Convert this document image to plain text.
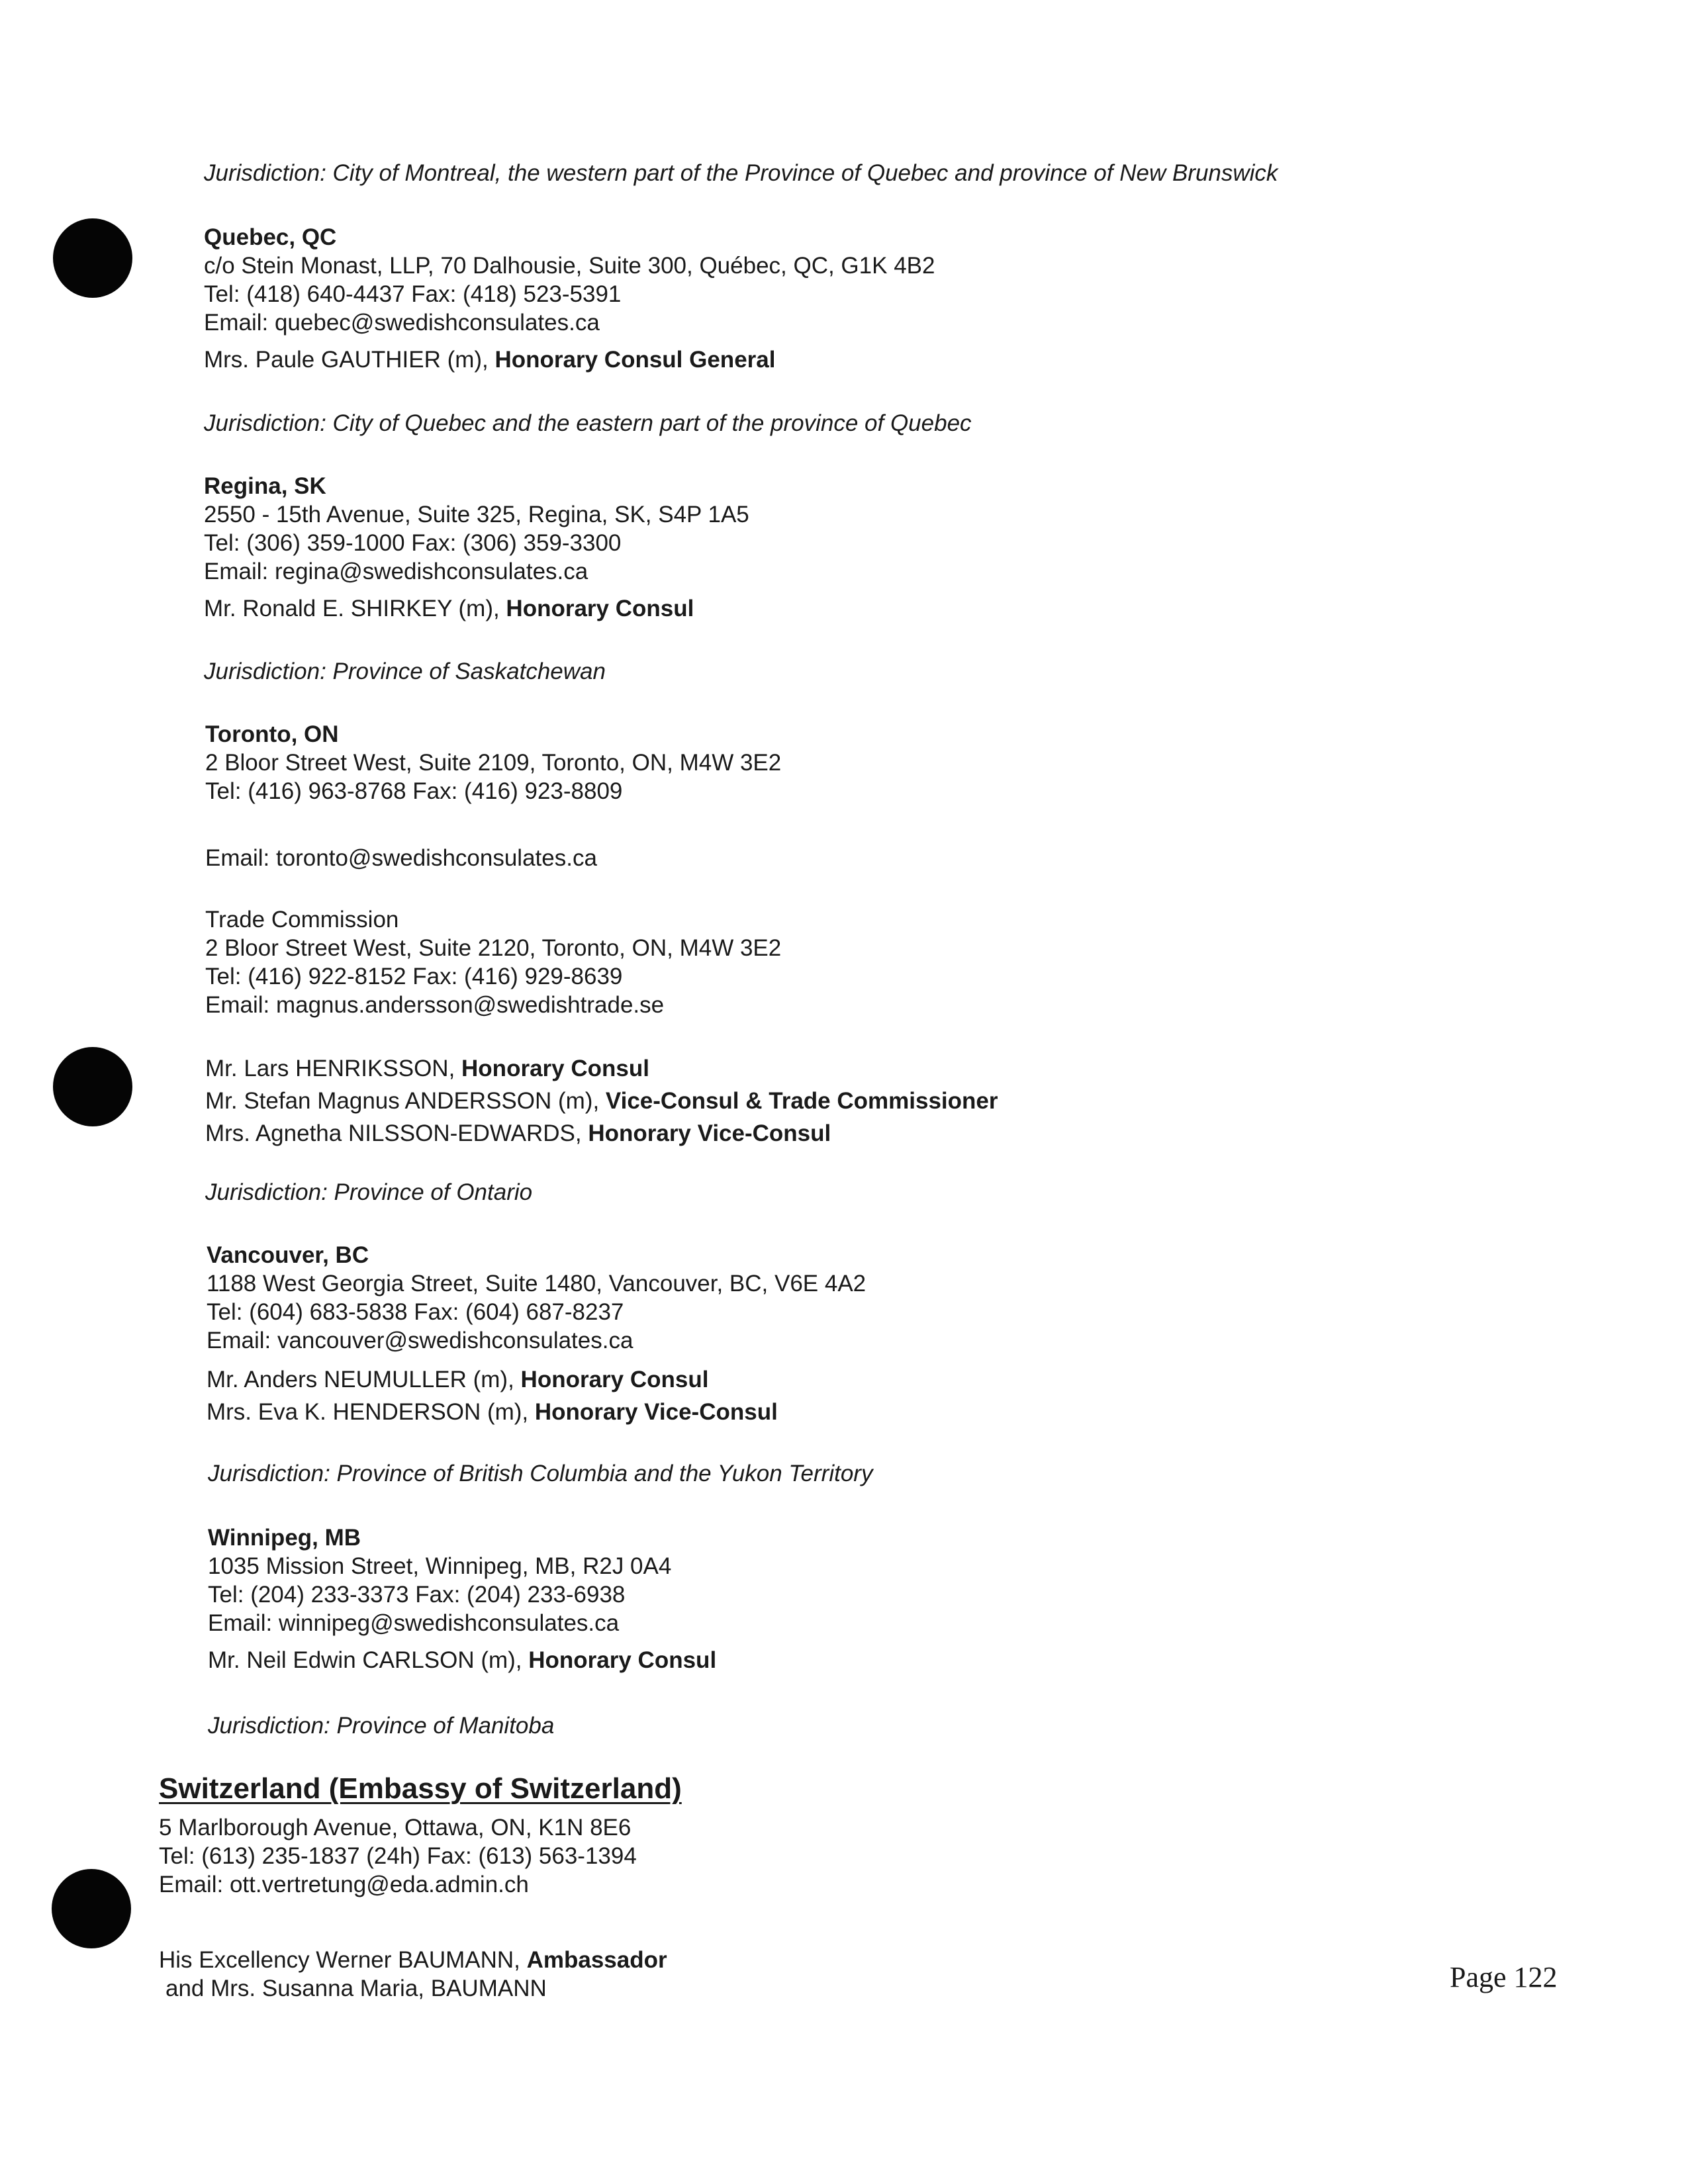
Jurisdiction: City of Montreal, the western part of the Province of Quebec and province of New Brunswick
Quebec, QC
c/o Stein Monast, LLP, 70 Dalhousie, Suite 300, Québec, QC, G1K 4B2
Tel: (418) 640-4437 Fax: (418) 523-5391
Email: quebec@swedishconsulates.ca
Mrs. Paule GAUTHIER (m), Honorary Consul General
Jurisdiction: City of Quebec and the eastern part of the province of Quebec
Regina, SK
2550 - 15th Avenue, Suite 325, Regina, SK, S4P 1A5
Tel: (306) 359-1000 Fax: (306) 359-3300
Email: regina@swedishconsulates.ca
Mr. Ronald E. SHIRKEY (m), Honorary Consul
Jurisdiction: Province of Saskatchewan
Toronto, ON
2 Bloor Street West, Suite 2109, Toronto, ON, M4W 3E2
Tel: (416) 963-8768 Fax: (416) 923-8809
Email: toronto@swedishconsulates.ca
Trade Commission
2 Bloor Street West, Suite 2120, Toronto, ON, M4W 3E2
Tel: (416) 922-8152 Fax: (416) 929-8639
Email: magnus.andersson@swedishtrade.se
Mr. Lars HENRIKSSON, Honorary Consul
Mr. Stefan Magnus ANDERSSON (m), Vice-Consul & Trade Commissioner
Mrs. Agnetha NILSSON-EDWARDS, Honorary Vice-Consul
Jurisdiction: Province of Ontario
Vancouver, BC
1188 West Georgia Street, Suite 1480, Vancouver, BC, V6E 4A2
Tel: (604) 683-5838 Fax: (604) 687-8237
Email: vancouver@swedishconsulates.ca
Mr. Anders NEUMULLER (m), Honorary Consul
Mrs. Eva K. HENDERSON (m), Honorary Vice-Consul
Jurisdiction: Province of British Columbia and the Yukon Territory
Winnipeg, MB
1035 Mission Street, Winnipeg, MB, R2J 0A4
Tel: (204) 233-3373 Fax: (204) 233-6938
Email: winnipeg@swedishconsulates.ca
Mr. Neil Edwin CARLSON (m), Honorary Consul
Jurisdiction: Province of Manitoba
Switzerland (Embassy of Switzerland)
5 Marlborough Avenue, Ottawa, ON, K1N 8E6
Tel: (613) 235-1837 (24h) Fax: (613) 563-1394
Email: ott.vertretung@eda.admin.ch
His Excellency Werner BAUMANN, Ambassador
and Mrs. Susanna Maria, BAUMANN	Page 122
